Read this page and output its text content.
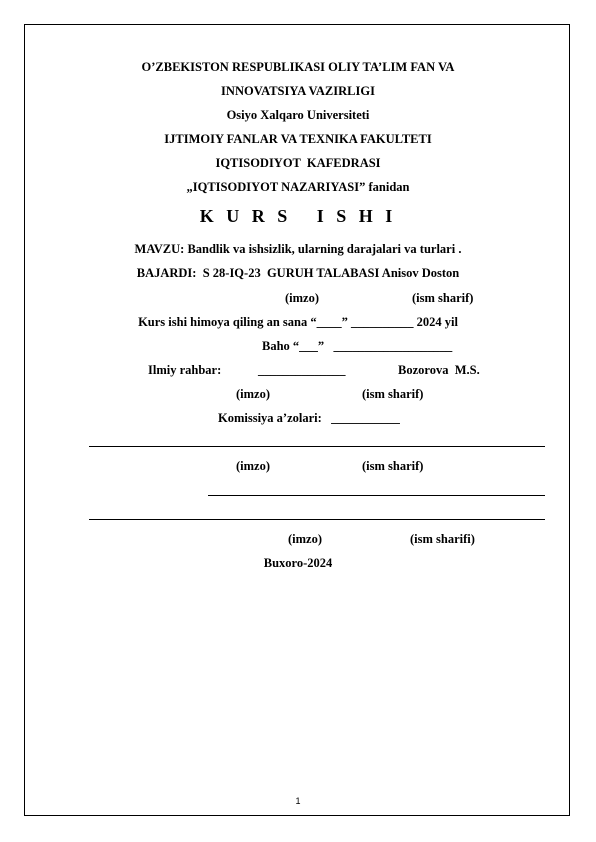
O’ZBEKISTON RESPUBLIKASI OLIY TA’LIM FAN VA
INNOVATSIYA VAZIRLIGI
Osiyo Xalqaro Universiteti
IJTIMOIY FANLAR VA TEXNIKA FAKULTETI
IQTISODIYOT  KAFEDRASI
„IQTISODIYOT NAZARIYASI” fanidan
K U R S   I S H I
MAVZU: Bandlik va ishsizlik, ularning darajalari va turlari .
BAJARDI:  S 28-IQ-23  GURUH TALABASI Anisov Doston
(imzo)	(ism sharif)
Kurs ishi himoya qiling an sana “____” __________ 2024 yil
Baho “___”   ___________________
Ilmiy rahbar:	______________	Bozorova  M.S.
(imzo)	(ism sharif)
Komissiya a’zolari:   ___________
(imzo)	(ism sharif)
(imzo)	(ism sharifi)
Buxoro-2024
1
